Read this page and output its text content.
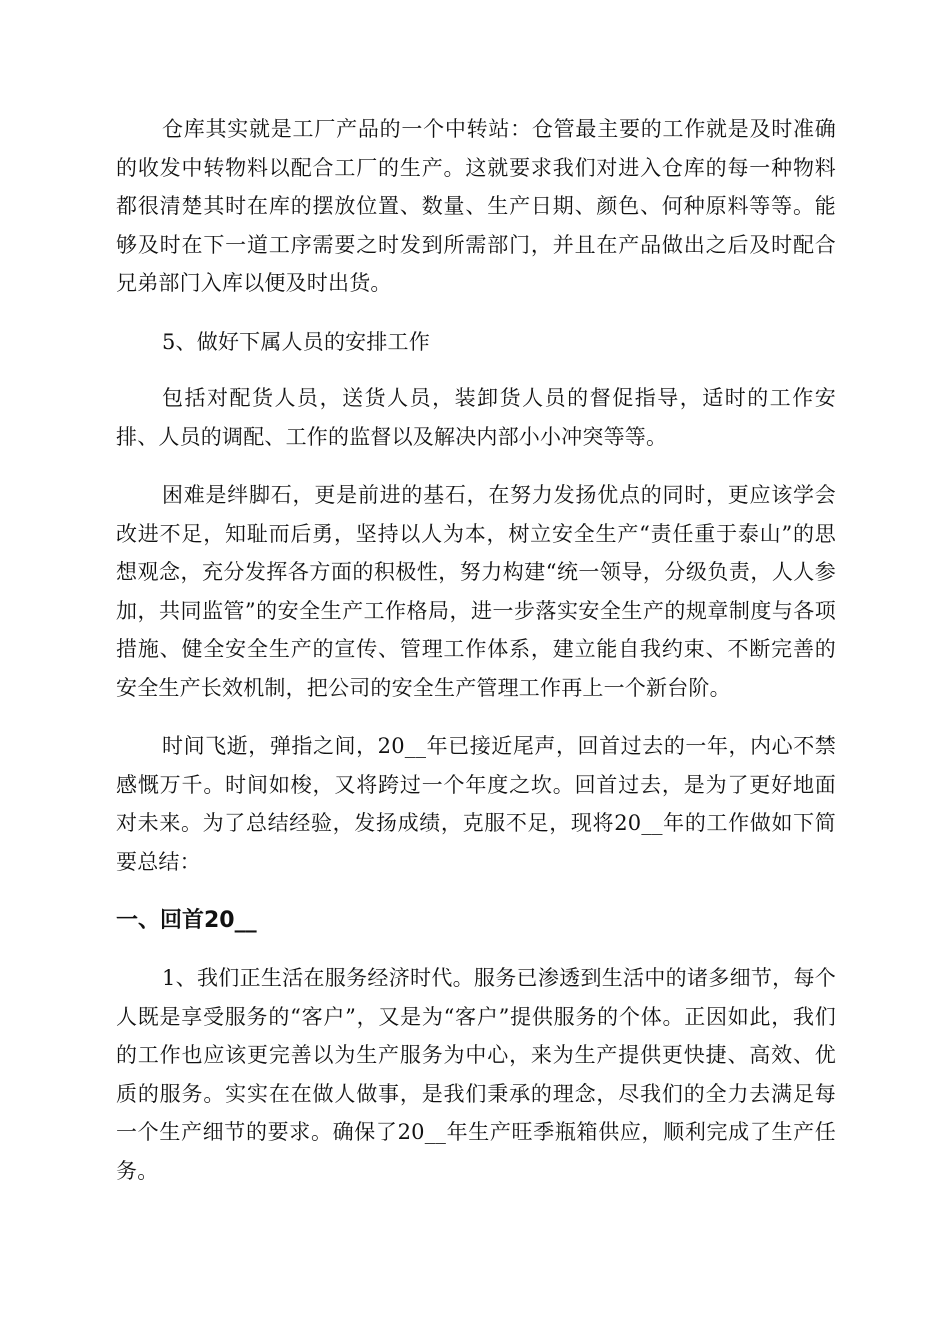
仓库其实就是工厂产品的一个中转站：仓管最主要的工作就是及时准确的收发中转物料以配合工厂的生产。这就要求我们对进入仓库的每一种物料都很清楚其时在库的摆放位置、数量、生产日期、颜色、何种原料等等。能够及时在下一道工序需要之时发到所需部门，并且在产品做出之后及时配合兄弟部门入库以便及时出货。

5、做好下属人员的安排工作

包括对配货人员，送货人员，装卸货人员的督促指导，适时的工作安排、人员的调配、工作的监督以及解决内部小小冲突等等。

困难是绊脚石，更是前进的基石，在努力发扬优点的同时，更应该学会改进不足，知耻而后勇，坚持以人为本，树立安全生产“责任重于泰山”的思想观念，充分发挥各方面的积极性，努力构建“统一领导，分级负责，人人参加，共同监管”的安全生产工作格局，进一步落实安全生产的规章制度与各项措施、健全安全生产的宣传、管理工作体系，建立能自我约束、不断完善的安全生产长效机制，把公司的安全生产管理工作再上一个新台阶。

时间飞逝，弹指之间，20__年已接近尾声，回首过去的一年，内心不禁感慨万千。时间如梭，又将跨过一个年度之坎。回首过去，是为了更好地面对未来。为了总结经验，发扬成绩，克服不足，现将20__年的工作做如下简要总结：

一、回首20__

1、我们正生活在服务经济时代。服务已渗透到生活中的诸多细节，每个人既是享受服务的“客户”，又是为“客户”提供服务的个体。正因如此，我们的工作也应该更完善以为生产服务为中心，来为生产提供更快捷、高效、优质的服务。实实在在做人做事，是我们秉承的理念，尽我们的全力去满足每一个生产细节的要求。确保了20__年生产旺季瓶箱供应，顺利完成了生产任务。
